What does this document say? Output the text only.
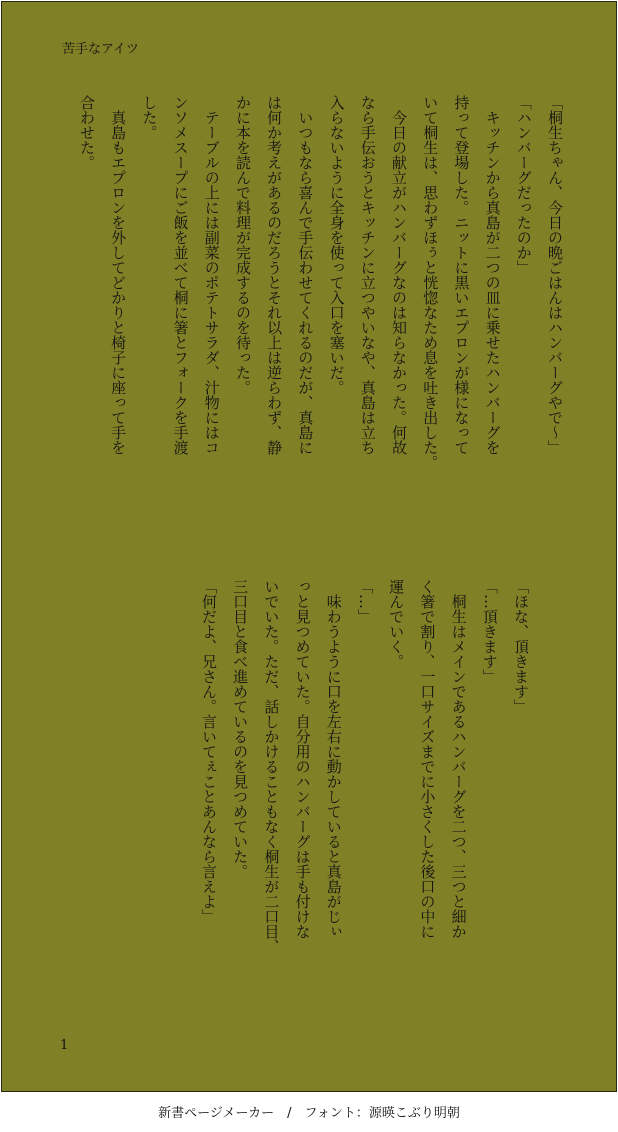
苦手なアイツ
「桐生ちゃん、今日の晩ごはんはハンバーグやで〜」
「ハンバーグだったのか」
　キッチンから真島が二つの皿に乗せたハンバーグを
持って登場した。ニットに黒いエプロンが様になって
いて桐生は、思わずほぅと恍惚なため息を吐き出した。
　今日の献立がハンバーグなのは知らなかった。何故
なら手伝おうとキッチンに立つやいなや、真島は立ち
入らないように全身を使って入口を塞いだ。
　いつもなら喜んで手伝わせてくれるのだが、真島に
は何か考えがあるのだろうとそれ以上は逆らわず、静
かに本を読んで料理が完成するのを待った。
　テーブルの上には副菜のポテトサラダ、汁物にはコ
ンソメスープにご飯を並べて桐に箸とフォークを手渡
した。
　真島もエプロンを外してどかりと椅子に座って手を
合わせた。
「ほな、頂きます」
「…頂きます」
　桐生はメインであるハンバーグを二つ、三つと細か
く箸で割り、一口サイズまでに小さくした後口の中に
運んでいく。
「…」
　味わうように口を左右に動かしていると真島がじぃ
っと見つめていた。自分用のハンバーグは手も付けな
いでいた。ただ、話しかけることもなく桐生が二口目、
三口目と食べ進めているのを見つめていた。
「何だよ、兄さん。言いてぇことあんなら言えよ」
1
新書ページメーカー　/　フォント：源暎こぶり明朝
